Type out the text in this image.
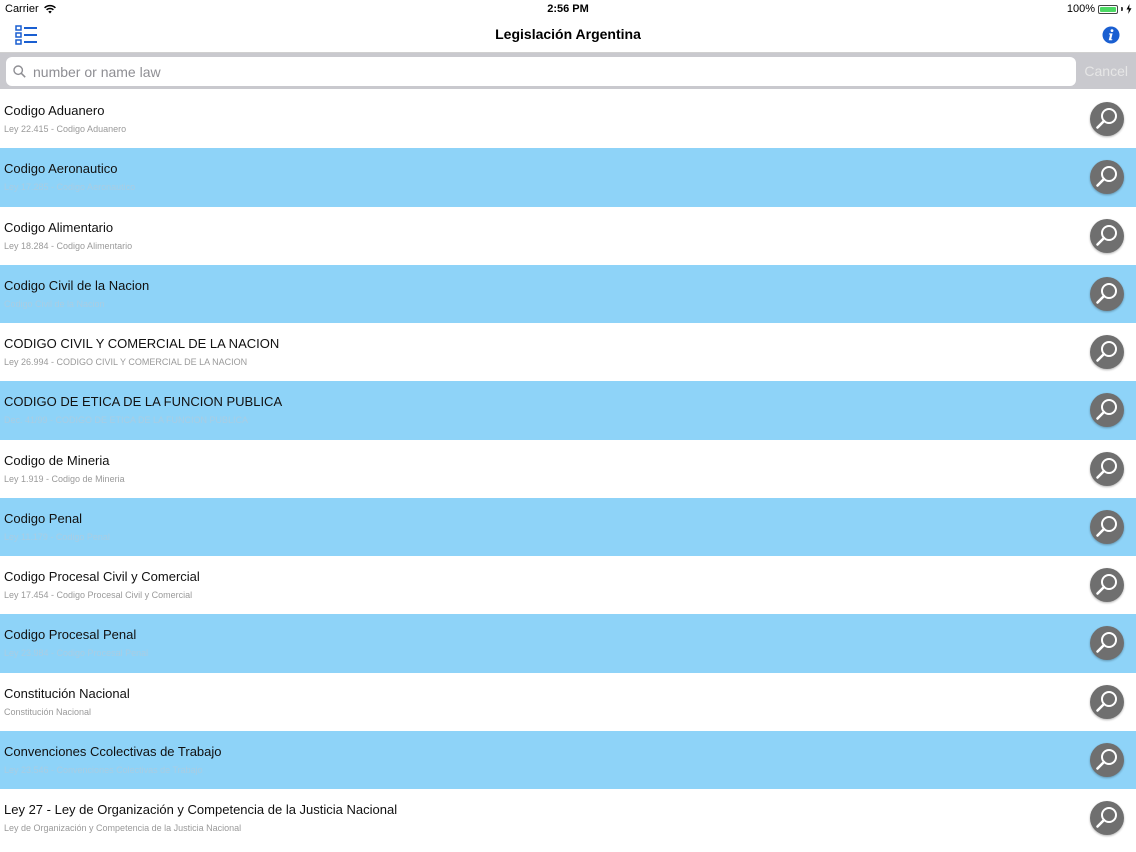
Carrier	2:56 PM	100%
Legislación Argentina
number or name law
Cancel
Codigo Aduanero
Ley 22.415 - Codigo Aduanero
Codigo Aeronautico
Ley 17.285 - Codigo Aeronautico
Codigo Alimentario
Ley 18.284 - Codigo Alimentario
Codigo Civil de la Nacion
Codigo Civil de la Nacion
CODIGO CIVIL Y COMERCIAL DE LA NACION
Ley 26.994 - CODIGO CIVIL Y COMERCIAL DE LA NACION
CODIGO DE ETICA DE LA FUNCION PUBLICA
Dec. 41/99 - CODIGO DE ETICA DE LA FUNCION PUBLICA
Codigo de Mineria
Ley 1.919 - Codigo de Mineria
Codigo Penal
Ley 11.179 - Codigo Penal
Codigo Procesal Civil y Comercial
Ley 17.454 - Codigo Procesal Civil y Comercial
Codigo Procesal Penal
Ley 23.984 - Codigo Procesal Penal
Constitución Nacional
Constitución Nacional
Convenciones Ccolectivas de Trabajo
Ley 23.546 - Convenciones Colectivas de Trabajo
Ley 27 - Ley de Organización y Competencia de la Justicia Nacional
Ley de Organización y Competencia de la Justicia Nacional
